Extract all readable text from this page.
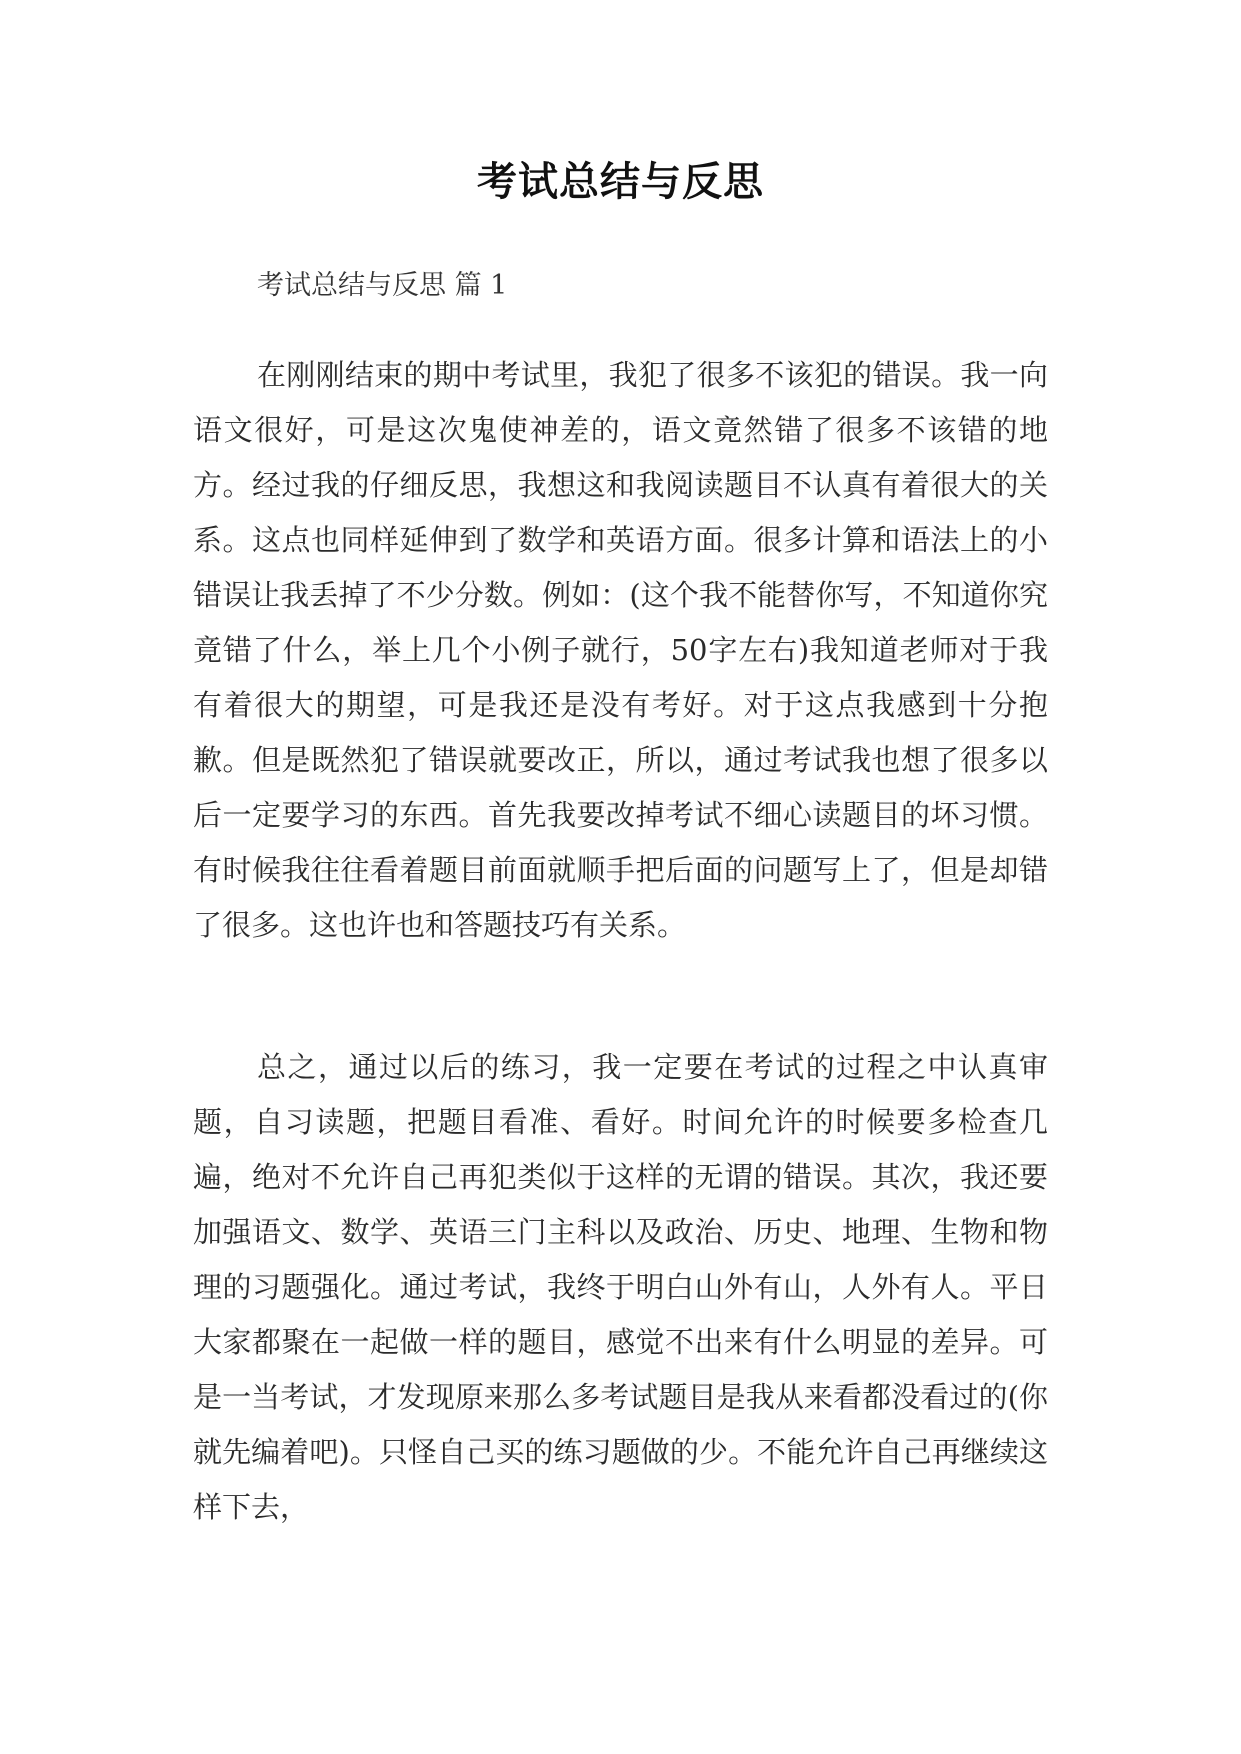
考试总结与反思
考试总结与反思 篇 1

在刚刚结束的期中考试里，我犯了很多不该犯的错误。我一向语文很好，可是这次鬼使神差的，语文竟然错了很多不该错的地方。经过我的仔细反思，我想这和我阅读题目不认真有着很大的关系。这点也同样延伸到了数学和英语方面。很多计算和语法上的小错误让我丢掉了不少分数。例如：(这个我不能替你写，不知道你究竟错了什么，举上几个小例子就行，50字左右)我知道老师对于我有着很大的期望，可是我还是没有考好。对于这点我感到十分抱歉。但是既然犯了错误就要改正，所以，通过考试我也想了很多以后一定要学习的东西。首先我要改掉考试不细心读题目的坏习惯。有时候我往往看着题目前面就顺手把后面的问题写上了，但是却错了很多。这也许也和答题技巧有关系。

总之，通过以后的练习，我一定要在考试的过程之中认真审题，自习读题，把题目看准、看好。时间允许的时候要多检查几遍，绝对不允许自己再犯类似于这样的无谓的错误。其次，我还要加强语文、数学、英语三门主科以及政治、历史、地理、生物和物理的习题强化。通过考试，我终于明白山外有山，人外有人。平日大家都聚在一起做一样的题目，感觉不出来有什么明显的差异。可是一当考试，才发现原来那么多考试题目是我从来看都没看过的(你就先编着吧)。只怪自己买的练习题做的少。不能允许自己再继续这样下去，
